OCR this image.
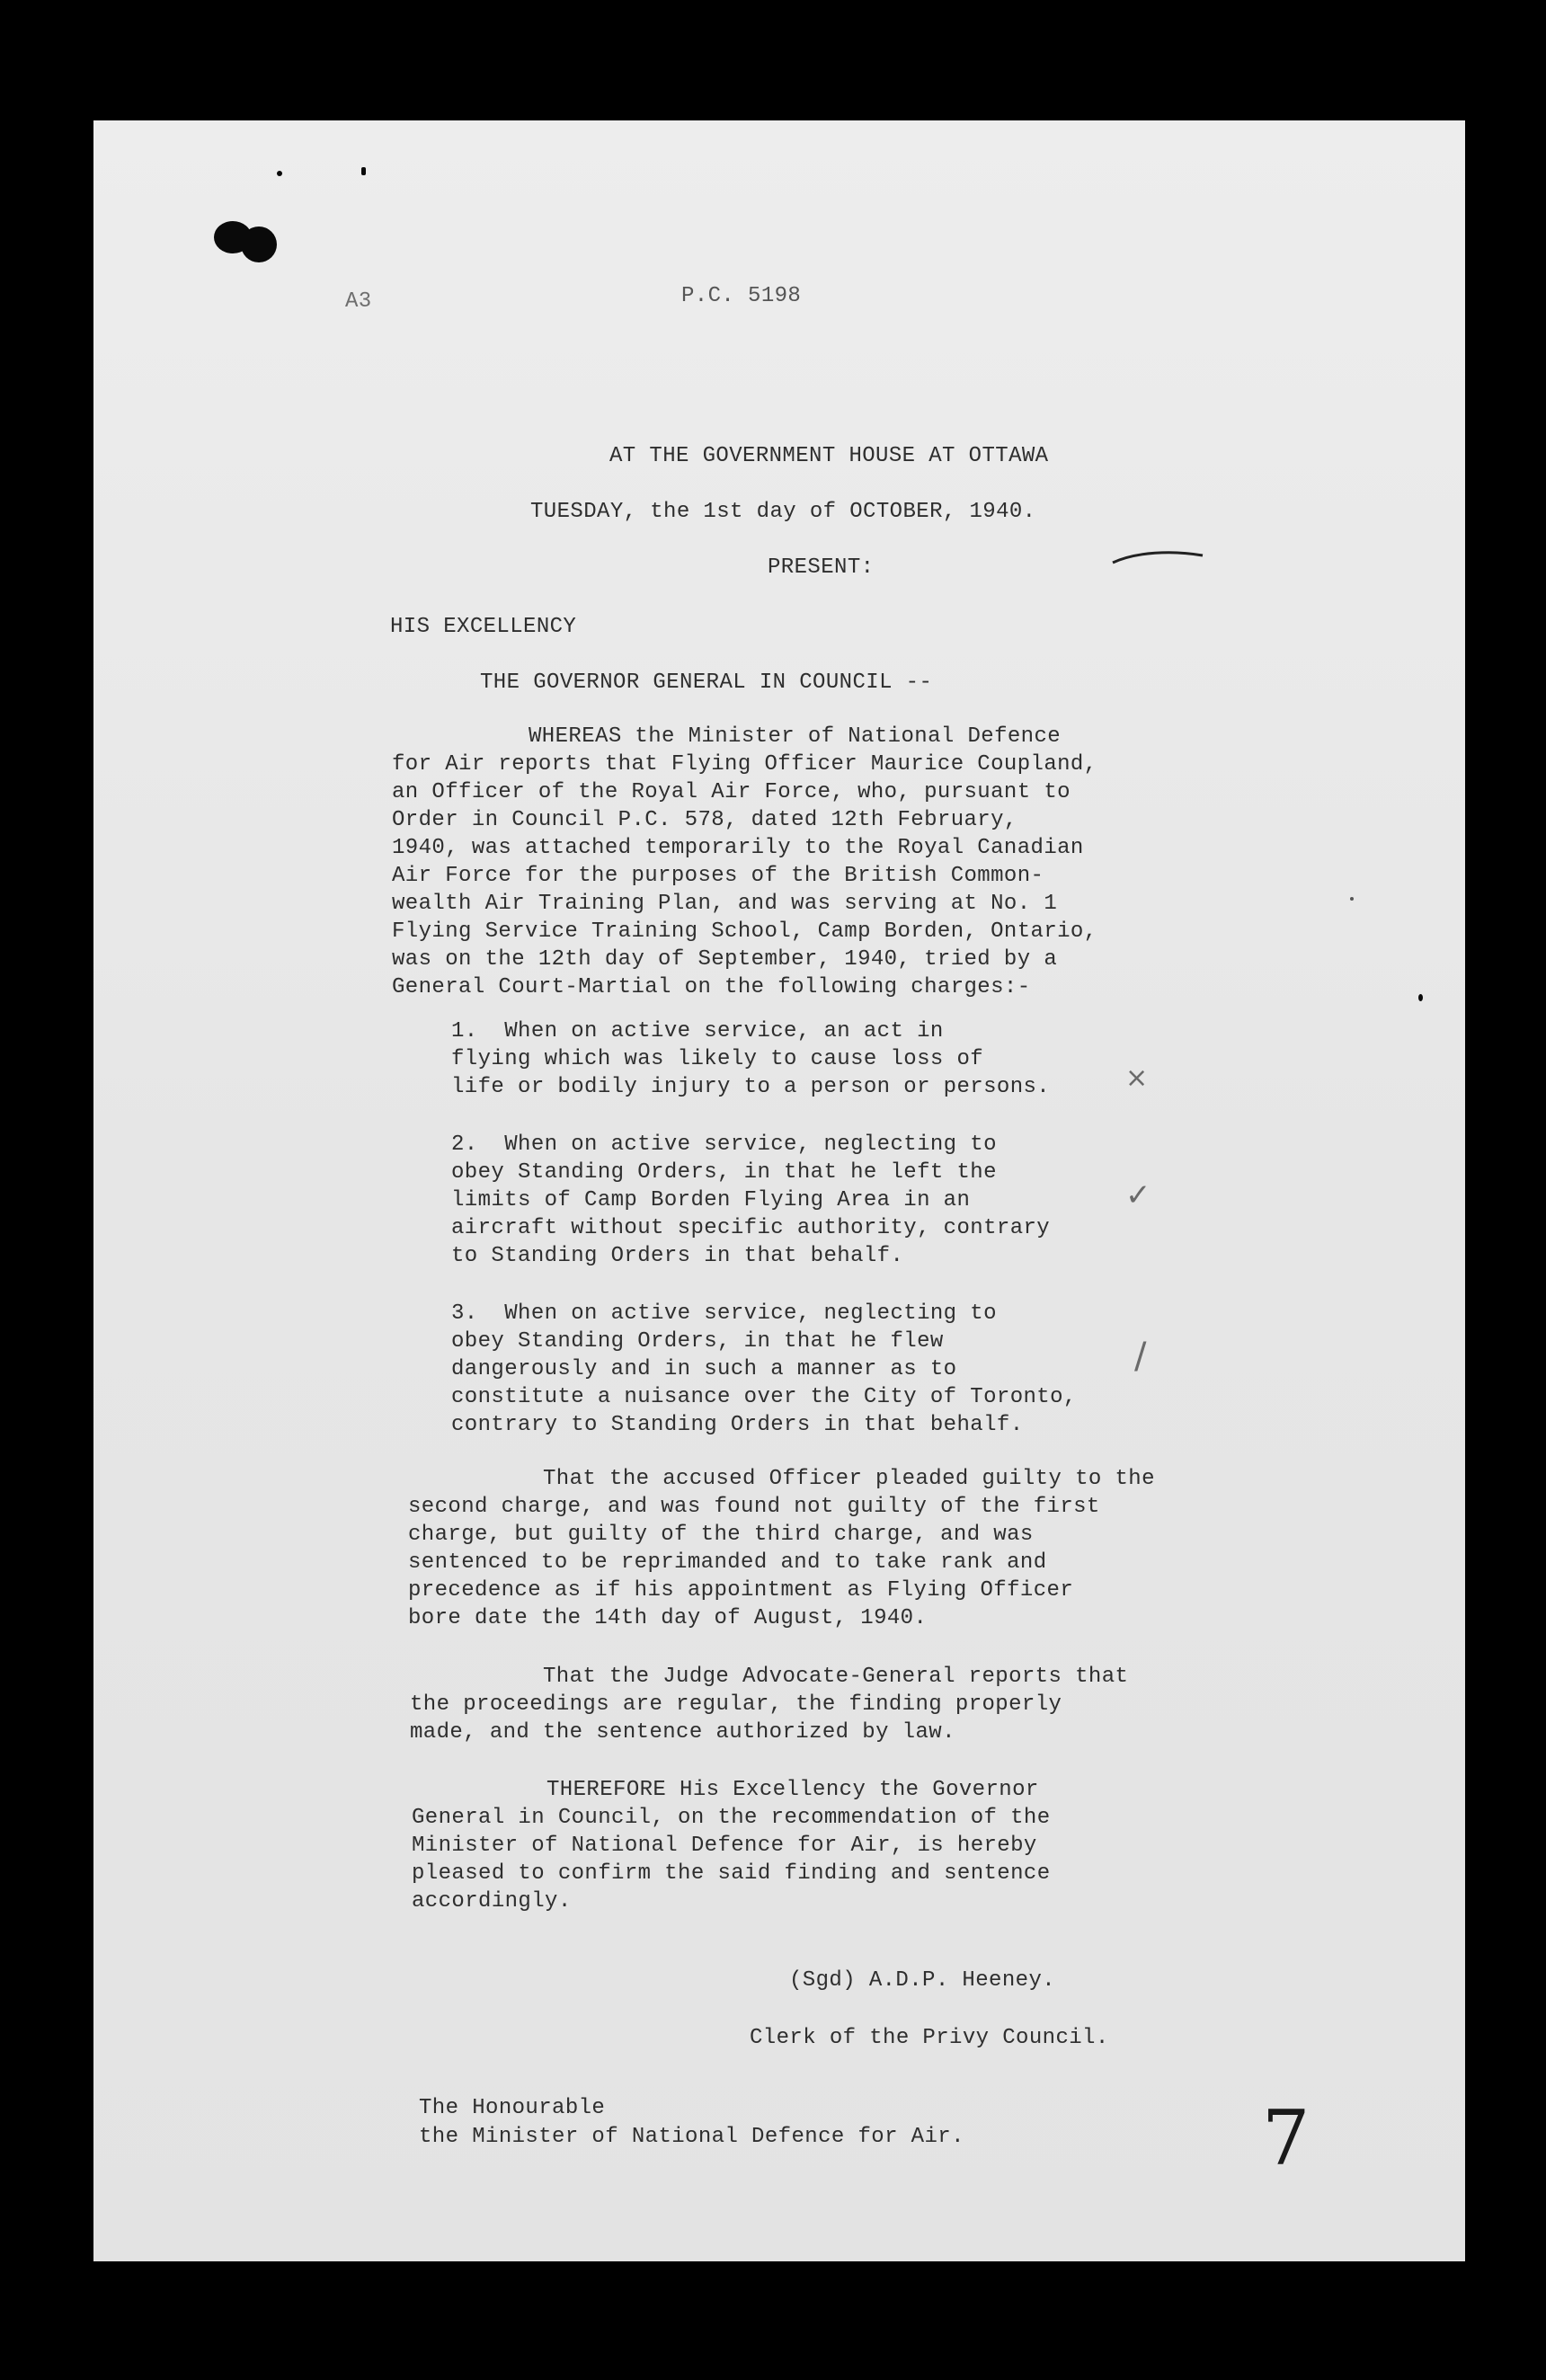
A3	P.C. 5198
AT THE GOVERNMENT HOUSE AT OTTAWA
TUESDAY, the 1st day of OCTOBER, 1940.
PRESENT:
HIS EXCELLENCY
THE GOVERNOR GENERAL IN COUNCIL --
WHEREAS the Minister of National Defence
for Air reports that Flying Officer Maurice Coupland,
an Officer of the Royal Air Force, who, pursuant to
Order in Council P.C. 578, dated 12th February,
1940, was attached temporarily to the Royal Canadian
Air Force for the purposes of the British Common-
wealth Air Training Plan, and was serving at No. 1
Flying Service Training School, Camp Borden, Ontario,
was on the 12th day of September, 1940, tried by a
General Court-Martial on the following charges:-
1.  When on active service, an act in
flying which was likely to cause loss of
life or bodily injury to a person or persons.	×
2.  When on active service, neglecting to
obey Standing Orders, in that he left the
limits of Camp Borden Flying Area in an
aircraft without specific authority, contrary
to Standing Orders in that behalf.
✓
3.  When on active service, neglecting to
obey Standing Orders, in that he flew
dangerously and in such a manner as to
constitute a nuisance over the City of Toronto,
contrary to Standing Orders in that behalf.
/
That the accused Officer pleaded guilty to the
second charge, and was found not guilty of the first
charge, but guilty of the third charge, and was
sentenced to be reprimanded and to take rank and
precedence as if his appointment as Flying Officer
bore date the 14th day of August, 1940.
That the Judge Advocate-General reports that
the proceedings are regular, the finding properly
made, and the sentence authorized by law.
THEREFORE His Excellency the Governor
General in Council, on the recommendation of the
Minister of National Defence for Air, is hereby
pleased to confirm the said finding and sentence
accordingly.
(Sgd) A.D.P. Heeney.
Clerk of the Privy Council.
The Honourable
the Minister of National Defence for Air.	7
